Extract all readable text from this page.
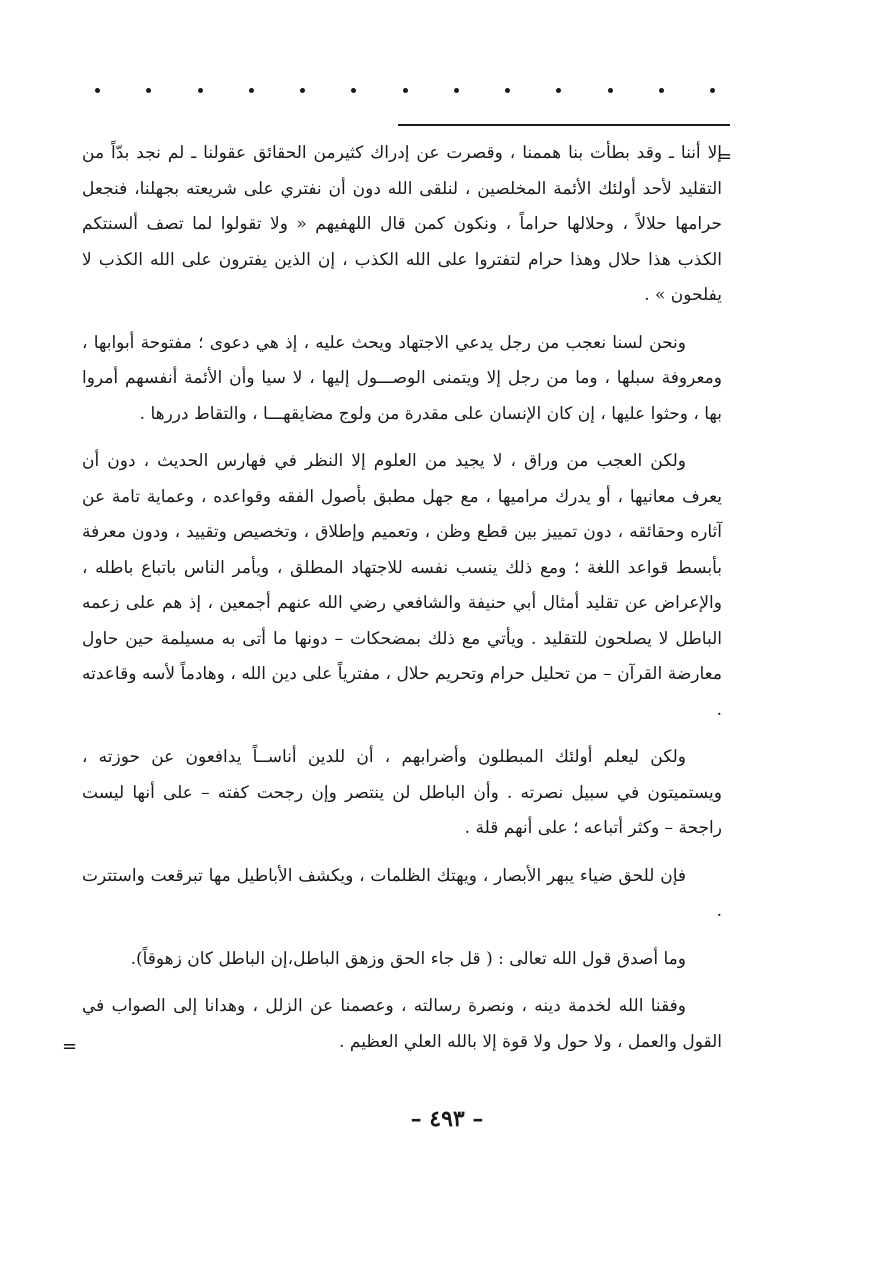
=

إلا أننا ـ وقد بطأت بنا هممنا ، وقصرت عن إدراك كثيرمن الحقائق عقولنا ـ لم نجد بدّاً من التقليد لأحد أولئك الأئمة المخلصين ، لنلقى الله دون أن نفتري على شريعته بجهلنا، فنجعل حرامها حلالاً ، وحلالها حراماً ، ونكون كمن قال اللهفيهم « ولا تقولوا لما تصف ألسنتكم الكذب هذا حلال وهذا حرام لتفتروا على الله الكذب ، إن الذين يفترون على الله الكذب لا يفلحون » .

ونحن لسنا نعجب من رجل يدعي الاجتهاد ويحث عليه ، إذ هي دعوى ؛ مفتوحة أبوابها ، ومعروفة سبلها ، وما من رجل إلا ويتمنى الوصـــول إليها ، لا سيا وأن الأئمة أنفسهم أمروا بها ، وحثوا عليها ، إن كان الإنسان على مقدرة من ولوج مضايقهـــا ، والتقاط دررها .

ولكن العجب من وراق ، لا يجيد من العلوم إلا النظر في فهارس الحديث ، دون أن يعرف معانيها ، أو يدرك مراميها ، مع جهل مطبق بأصول الفقه وقواعده ، وعماية تامة عن آثاره وحقائقه ، دون تمييز بين قطع وظن ، وتعميم وإطلاق ، وتخصيص وتقييد ، ودون معرفة بأبسط قواعد اللغة ؛ ومع ذلك ينسب نفسه للاجتهاد المطلق ، ويأمر الناس باتباع باطله ، والإعراض عن تقليد أمثال أبي حنيفة والشافعي رضي الله عنهم أجمعين ، إذ هم على زعمه الباطل لا يصلحون للتقليد . ويأتي مع ذلك بمضحكات – دونها ما أتى به مسيلمة حين حاول معارضة القرآن – من تحليل حرام وتحريم حلال ، مفترياً على دين الله ، وهادماً لأسه وقاعدته .

ولكن ليعلم أولئك المبطلون وأضرابهم ، أن للدين أناســاً يدافعون عن حوزته ، ويستميتون في سبيل نصرته . وأن الباطل لن ينتصر وإن رجحت كفته – على أنها ليست راجحة – وكثر أتباعه ؛ على أنهم قلة .

فإن للحق ضياء يبهر الأبصار ، ويهتك الظلمات ، ويكشف الأباطيل مها تبرقعت واستترت .

وما أصدق قول الله تعالى : ( قل جاء الحق وزهق الباطل،إن الباطل كان زهوقاً).

وفقنا الله لخدمة دينه ، ونصرة رسالته ، وعصمنا عن الزلل ، وهدانا إلى الصواب في القول والعمل ، ولا حول ولا قوة إلا بالله العلي العظيم .

=
– ٤٩٣ –
